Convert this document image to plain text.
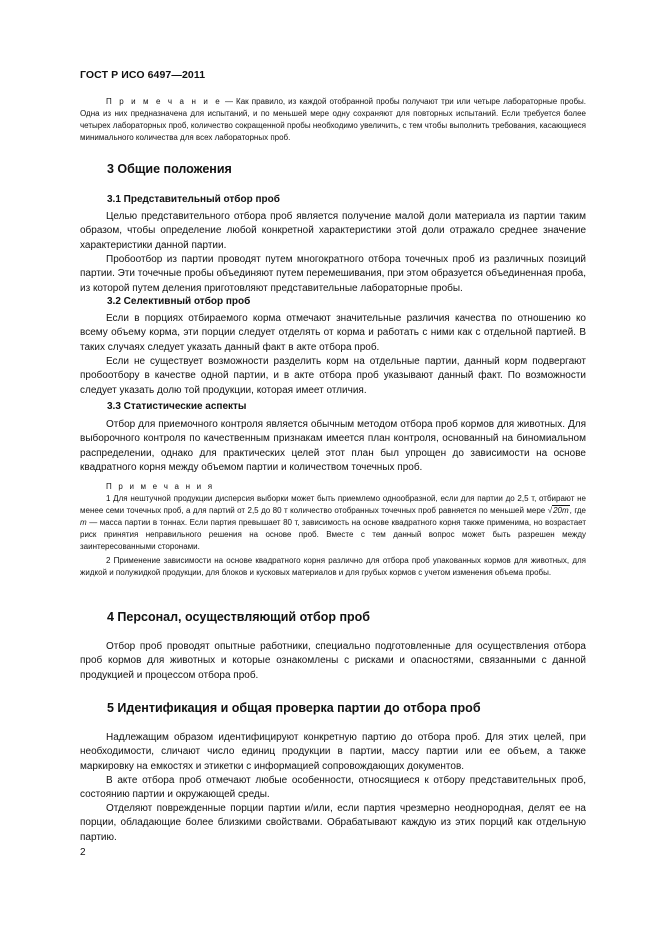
ГОСТ Р ИСО 6497—2011
П р и м е ч а н и е — Как правило, из каждой отобранной пробы получают три или четыре лабораторные пробы. Одна из них предназначена для испытаний, и по меньшей мере одну сохраняют для повторных испытаний. Если требуется более четырех лабораторных проб, количество сокращенной пробы необходимо увеличить, с тем чтобы выполнить требования, касающиеся минимального количества для всех лабораторных проб.
3 Общие положения
3.1 Представительный отбор проб
Целью представительного отбора проб является получение малой доли материала из партии таким образом, чтобы определение любой конкретной характеристики этой доли отражало среднее значение характеристики данной партии.
Пробоотбор из партии проводят путем многократного отбора точечных проб из различных позиций партии. Эти точечные пробы объединяют путем перемешивания, при этом образуется объединенная проба, из которой путем деления приготовляют представительные лабораторные пробы.
3.2 Селективный отбор проб
Если в порциях отбираемого корма отмечают значительные различия качества по отношению ко всему объему корма, эти порции следует отделять от корма и работать с ними как с отдельной партией. В таких случаях следует указать данный факт в акте отбора проб.
Если не существует возможности разделить корм на отдельные партии, данный корм подвергают пробоотбору в качестве одной партии, и в акте отбора проб указывают данный факт. По возможности следует указать долю той продукции, которая имеет отличия.
3.3 Статистические аспекты
Отбор для приемочного контроля является обычным методом отбора проб кормов для животных. Для выборочного контроля по качественным признакам имеется план контроля, основанный на биномиальном распределении, однако для практических целей этот план был упрощен до зависимости на основе квадратного корня между объемом партии и количеством точечных проб.
П р и м е ч а н и я
1 Для нештучной продукции дисперсия выборки может быть приемлемо однообразной, если для партии до 2,5 т, отбирают не менее семи точечных проб, а для партий от 2,5 до 80 т количество отобранных точечных проб равняется по меньшей мере √20m, где m — масса партии в тоннах. Если партия превышает 80 т, зависимость на основе квадратного корня также применима, но возрастает риск принятия неправильного решения на основе проб. Вместе с тем данный вопрос может быть разрешен между заинтересованными сторонами.
2 Применение зависимости на основе квадратного корня различно для отбора проб упакованных кормов для животных, для жидкой и полужидкой продукции, для блоков и кусковых материалов и для грубых кормов с учетом изменения объема пробы.
4 Персонал, осуществляющий отбор проб
Отбор проб проводят опытные работники, специально подготовленные для осуществления отбора проб кормов для животных и которые ознакомлены с рисками и опасностями, связанными с данной продукцией и процессом отбора проб.
5 Идентификация и общая проверка партии до отбора проб
Надлежащим образом идентифицируют конкретную партию до отбора проб. Для этих целей, при необходимости, сличают число единиц продукции в партии, массу партии или ее объем, а также маркировку на емкостях и этикетки с информацией сопровождающих документов.
В акте отбора проб отмечают любые особенности, относящиеся к отбору представительных проб, состоянию партии и окружающей среды.
Отделяют поврежденные порции партии и/или, если партия чрезмерно неоднородная, делят ее на порции, обладающие более близкими свойствами. Обрабатывают каждую из этих порций как отдельную партию.
2
